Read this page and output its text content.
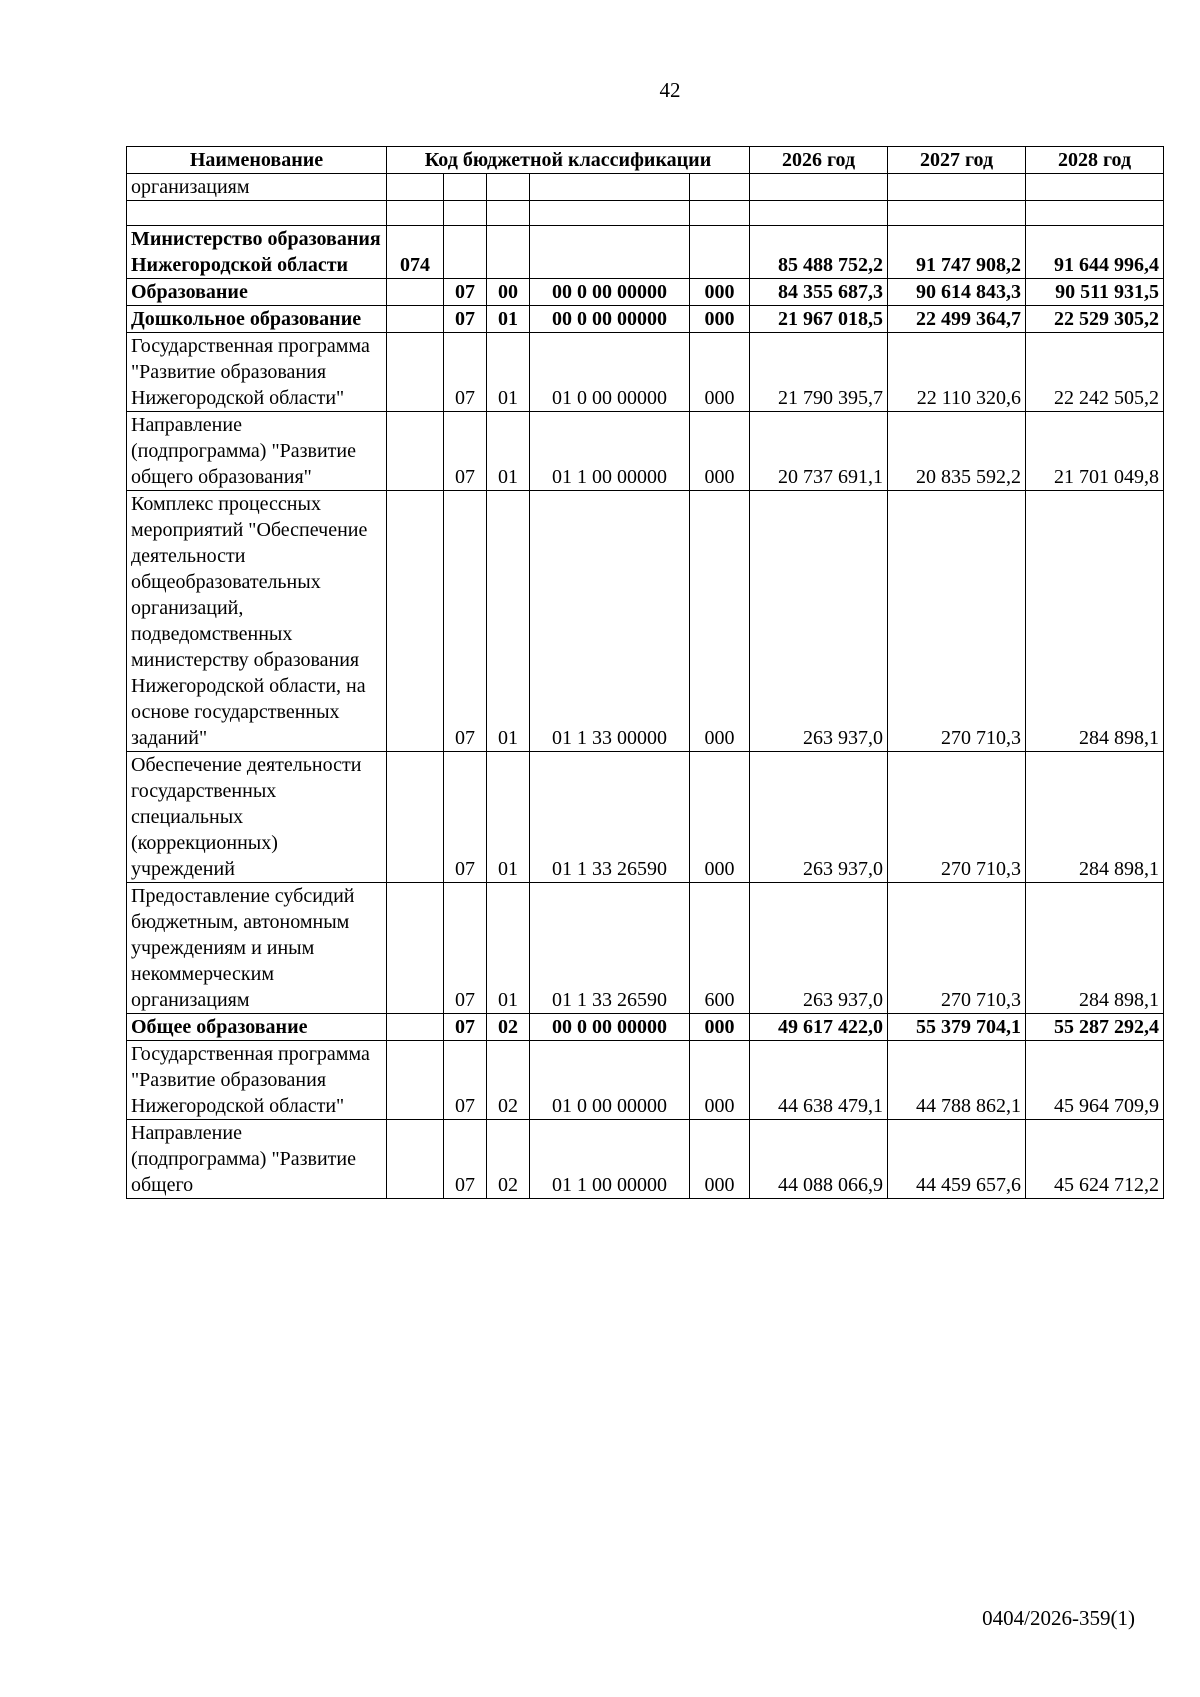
42
Наименование	Код бюджетной классификации					2026 год	2027 год	2028 год
организациям								

Министерство образования Нижегородской области	074					85 488 752,2	91 747 908,2	91 644 996,4
Образование		07	00	00 0 00 00000	000	84 355 687,3	90 614 843,3	90 511 931,5
Дошкольное образование		07	01	00 0 00 00000	000	21 967 018,5	22 499 364,7	22 529 305,2
Государственная программа "Развитие образования Нижегородской области"		07	01	01 0 00 00000	000	21 790 395,7	22 110 320,6	22 242 505,2
Направление (подпрограмма) "Развитие общего образования"		07	01	01 1 00 00000	000	20 737 691,1	20 835 592,2	21 701 049,8
Комплекс процессных мероприятий "Обеспечение деятельности общеобразовательных организаций, подведомственных министерству образования Нижегородской области, на основе государственных заданий"		07	01	01 1 33 00000	000	263 937,0	270 710,3	284 898,1
Обеспечение деятельности государственных специальных (коррекционных) учреждений		07	01	01 1 33 26590	000	263 937,0	270 710,3	284 898,1
Предоставление субсидий бюджетным, автономным учреждениям и иным некоммерческим организациям		07	01	01 1 33 26590	600	263 937,0	270 710,3	284 898,1
Общее образование		07	02	00 0 00 00000	000	49 617 422,0	55 379 704,1	55 287 292,4
Государственная программа "Развитие образования Нижегородской области"		07	02	01 0 00 00000	000	44 638 479,1	44 788 862,1	45 964 709,9
Направление (подпрограмма) "Развитие общего		07	02	01 1 00 00000	000	44 088 066,9	44 459 657,6	45 624 712,2
0404/2026-359(1)
